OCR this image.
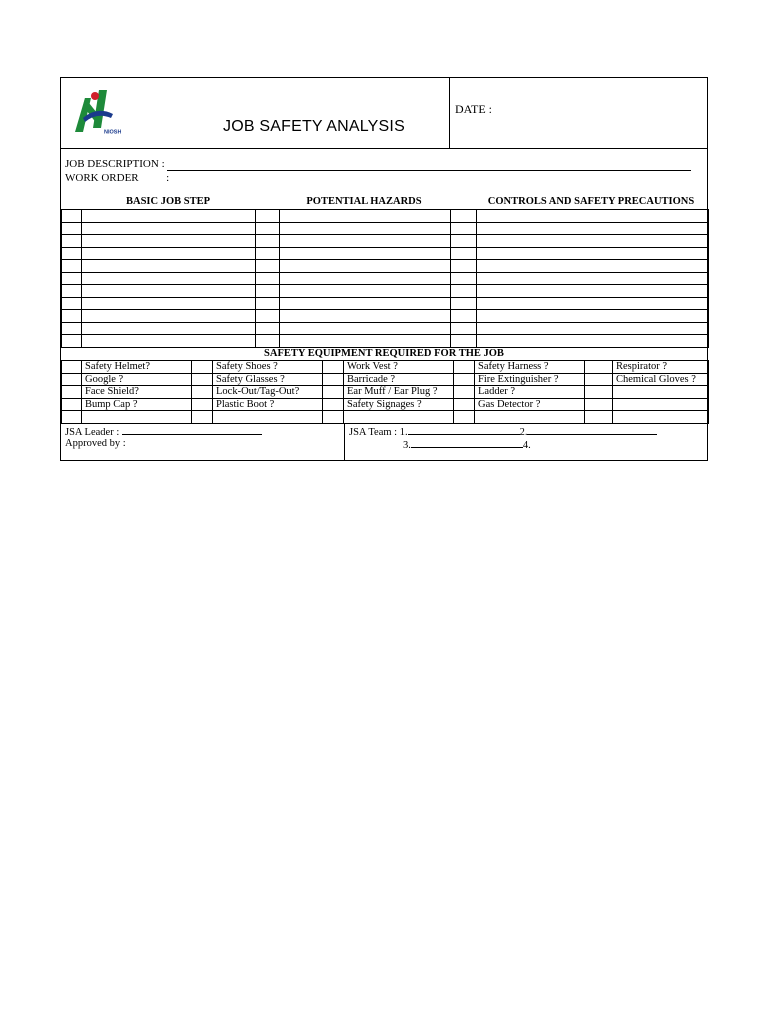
NIOSH	JOB SAFETY ANALYSIS
DATE :
JOB DESCRIPTION :
WORK ORDER	:
BASIC JOB STEP	POTENTIAL HAZARDS	CONTROLS AND SAFETY PRECAUTIONS

SAFETY EQUIPMENT REQUIRED FOR THE JOB
	Safety Helmet?		Safety Shoes ?		Work Vest ?		Safety Harness ?		Respirator ?
	Google ?		Safety Glasses ?		Barricade ?		Fire Extinguisher ?		Chemical Gloves ?
	Face Shield?		Lock-Out/Tag-Out?		Ear Muff / Ear Plug ?		Ladder ?		
	Bump Cap ?		Plastic Boot ?		Safety Signages ?		Gas Detector ?		

JSA Leader :
Approved by :
JSA Team : 1.	2.
3.	4.
